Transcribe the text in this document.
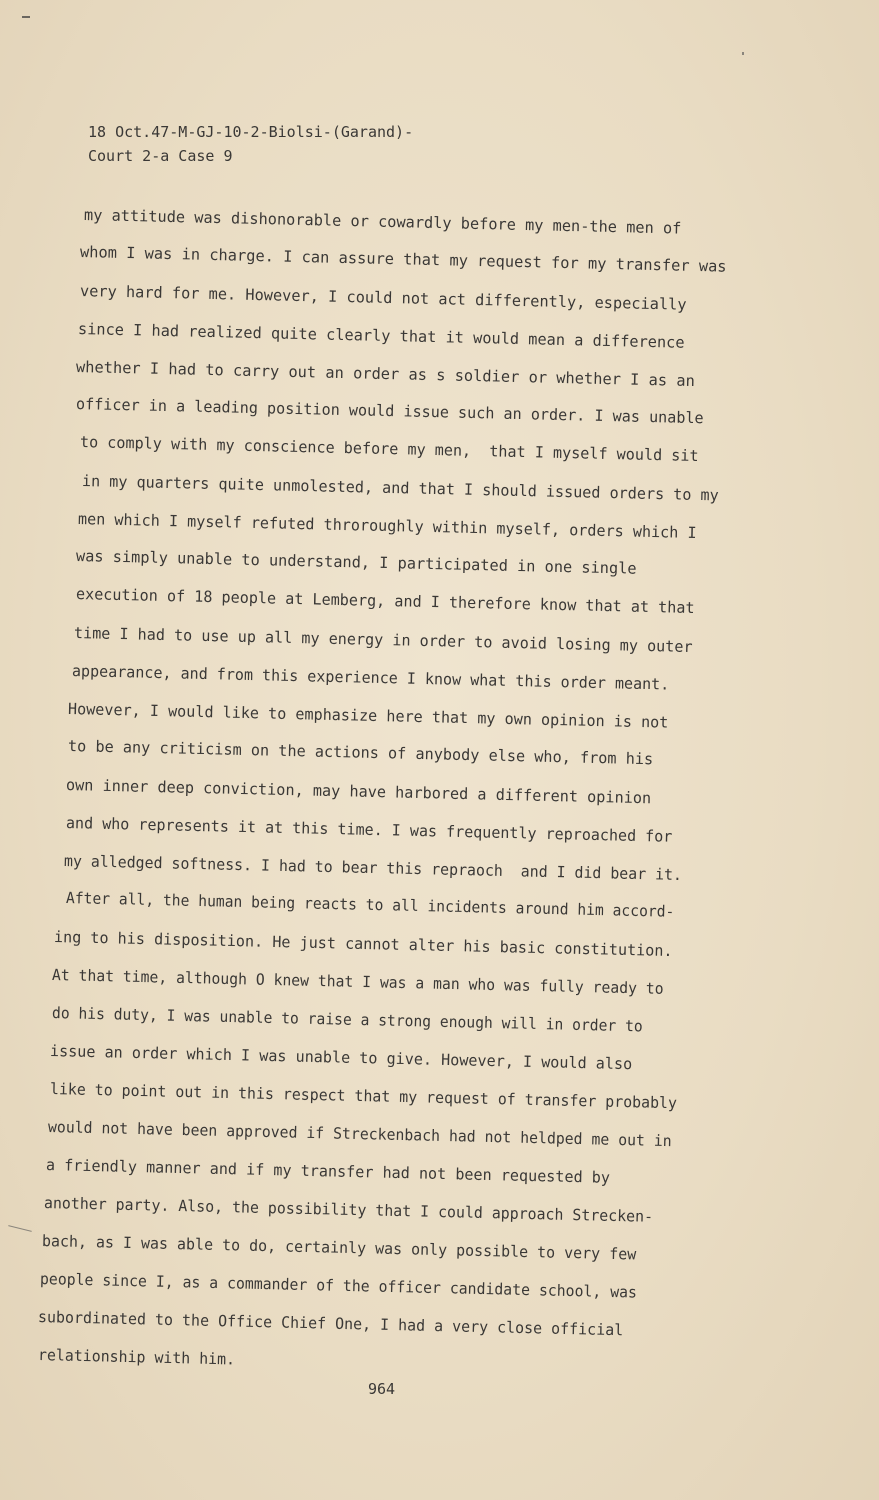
18 Oct.47-M-GJ-10-2-Biolsi-(Garand)-
Court 2-a Case 9
my attitude was dishonorable or cowardly before my men-the men of
whom I was in charge. I can assure that my request for my transfer was
very hard for me. However, I could not act differently, especially
since I had realized quite clearly that it would mean a difference
whether I had to carry out an order as s soldier or whether I as an
officer in a leading position would issue such an order. I was unable
to comply with my conscience before my men,  that I myself would sit
in my quarters quite unmolested, and that I should issued orders to my
men which I myself refuted throroughly within myself, orders which I
was simply unable to understand, I participated in one single
execution of 18 people at Lemberg, and I therefore know that at that
time I had to use up all my energy in order to avoid losing my outer
appearance, and from this experience I know what this order meant.
However, I would like to emphasize here that my own opinion is not
to be any criticism on the actions of anybody else who, from his
own inner deep conviction, may have harbored a different opinion
and who represents it at this time. I was frequently reproached for
my alledged softness. I had to bear this repraoch  and I did bear it.
After all, the human being reacts to all incidents around him accord-
ing to his disposition. He just cannot alter his basic constitution.
At that time, although O knew that I was a man who was fully ready to
do his duty, I was unable to raise a strong enough will in order to
issue an order which I was unable to give. However, I would also
like to point out in this respect that my request of transfer probably
would not have been approved if Streckenbach had not heldped me out in
a friendly manner and if my transfer had not been requested by
another party. Also, the possibility that I could approach Strecken-
bach, as I was able to do, certainly was only possible to very few
people since I, as a commander of the officer candidate school, was
subordinated to the Office Chief One, I had a very close official
relationship with him.
964
